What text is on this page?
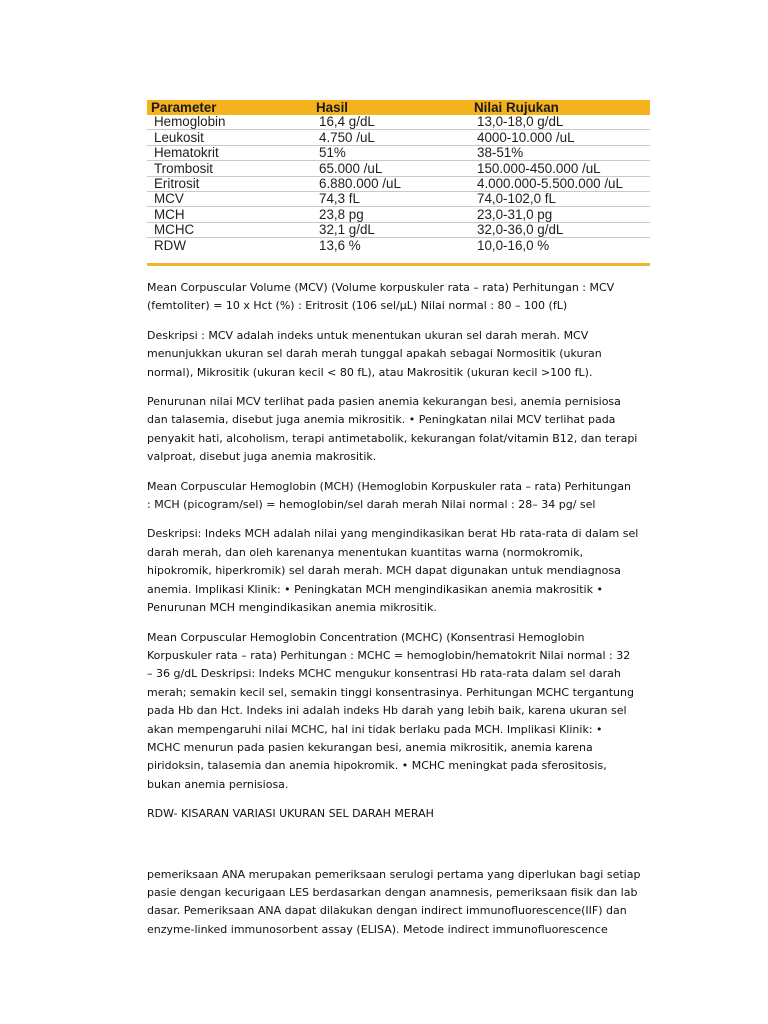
Parameter	Hasil	Nilai Rujukan
Hemoglobin	16,4 g/dL	13,0-18,0 g/dL
Leukosit	4.750 /uL	4000-10.000 /uL
Hematokrit	51%	38-51%
Trombosit	65.000 /uL	150.000-450.000 /uL
Eritrosit	6.880.000 /uL	4.000.000-5.500.000 /uL
MCV	74,3 fL	74,0-102,0 fL
MCH	23,8 pg	23,0-31,0 pg
MCHC	32,1 g/dL	32,0-36,0 g/dL
RDW	13,6 %	10,0-16,0 %

Mean Corpuscular Volume (MCV) (Volume korpuskuler rata – rata) Perhitungan : MCV
(femtoliter) = 10 x Hct (%) : Eritrosit (106 sel/µL) Nilai normal : 80 – 100 (fL)

Deskripsi : MCV adalah indeks untuk menentukan ukuran sel darah merah. MCV
menunjukkan ukuran sel darah merah tunggal apakah sebagai Normositik (ukuran
normal), Mikrositik (ukuran kecil < 80 fL), atau Makrositik (ukuran kecil >100 fL).

Penurunan nilai MCV terlihat pada pasien anemia kekurangan besi, anemia pernisiosa
dan talasemia, disebut juga anemia mikrositik. • Peningkatan nilai MCV terlihat pada
penyakit hati, alcoholism, terapi antimetabolik, kekurangan folat/vitamin B12, dan terapi
valproat, disebut juga anemia makrositik.

Mean Corpuscular Hemoglobin (MCH) (Hemoglobin Korpuskuler rata – rata) Perhitungan
: MCH (picogram/sel) = hemoglobin/sel darah merah Nilai normal : 28– 34 pg/ sel

Deskripsi: Indeks MCH adalah nilai yang mengindikasikan berat Hb rata-rata di dalam sel
darah merah, dan oleh karenanya menentukan kuantitas warna (normokromik,
hipokromik, hiperkromik) sel darah merah. MCH dapat digunakan untuk mendiagnosa
anemia. Implikasi Klinik: • Peningkatan MCH mengindikasikan anemia makrositik •
Penurunan MCH mengindikasikan anemia mikrositik.

Mean Corpuscular Hemoglobin Concentration (MCHC) (Konsentrasi Hemoglobin
Korpuskuler rata – rata) Perhitungan : MCHC = hemoglobin/hematokrit Nilai normal : 32
– 36 g/dL Deskripsi: Indeks MCHC mengukur konsentrasi Hb rata-rata dalam sel darah
merah; semakin kecil sel, semakin tinggi konsentrasinya. Perhitungan MCHC tergantung
pada Hb dan Hct. Indeks ini adalah indeks Hb darah yang lebih baik, karena ukuran sel
akan mempengaruhi nilai MCHC, hal ini tidak berlaku pada MCH. Implikasi Klinik: •
MCHC menurun pada pasien kekurangan besi, anemia mikrositik, anemia karena
piridoksin, talasemia dan anemia hipokromik. • MCHC meningkat pada sferositosis,
bukan anemia pernisiosa.

RDW- KISARAN VARIASI UKURAN SEL DARAH MERAH

pemeriksaan ANA merupakan pemeriksaan serulogi pertama yang diperlukan bagi setiap
pasie dengan kecurigaan LES berdasarkan dengan anamnesis, pemeriksaan fisik dan lab
dasar. Pemeriksaan ANA dapat dilakukan dengan indirect immunofluorescence(IIF) dan
enzyme-linked immunosorbent assay (ELISA). Metode indirect immunofluorescence
